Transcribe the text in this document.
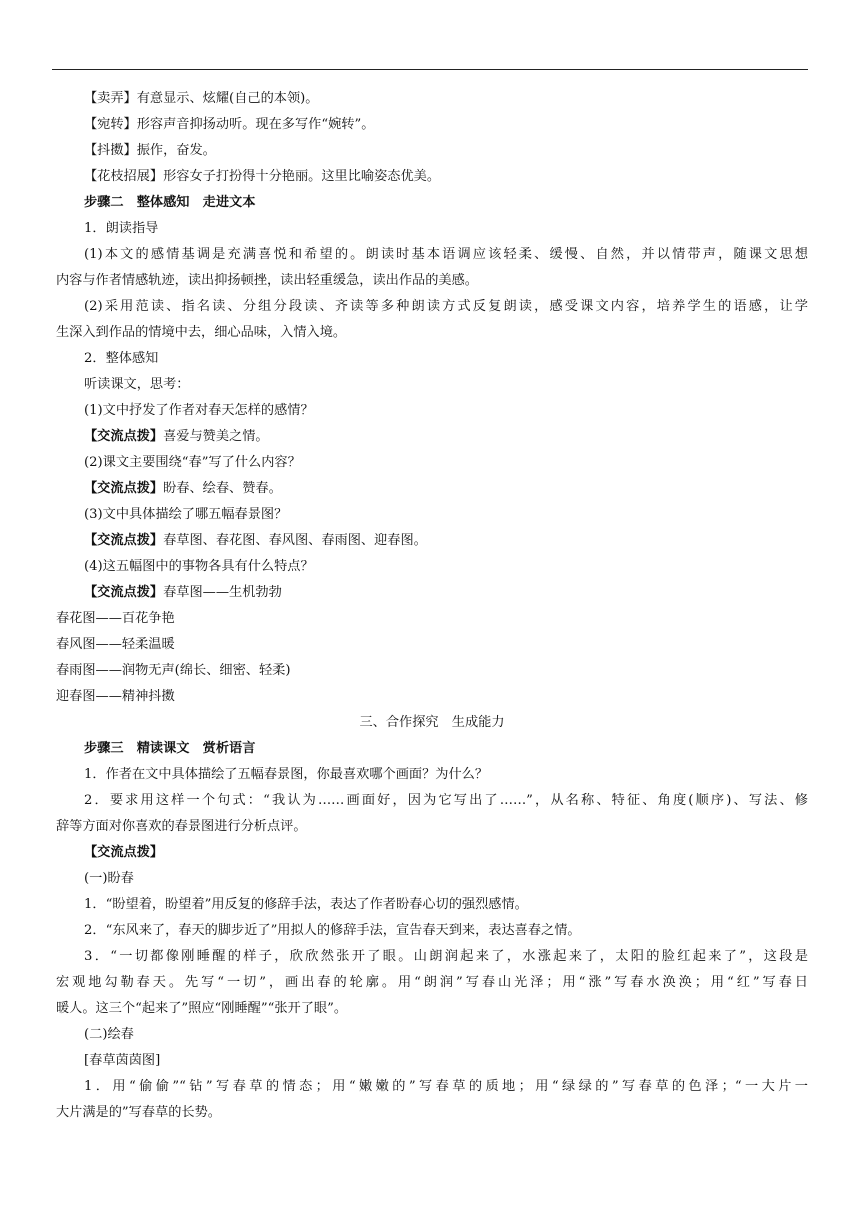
【卖弄】有意显示、炫耀(自己的本领)。
【宛转】形容声音抑扬动听。现在多写作“婉转”。
【抖擞】振作，奋发。
【花枝招展】形容女子打扮得十分艳丽。这里比喻姿态优美。
步骤二　整体感知　走进文本
1．朗读指导
(1)本文的感情基调是充满喜悦和希望的。朗读时基本语调应该轻柔、缓慢、自然，并以情带声，随课文思想
内容与作者情感轨迹，读出抑扬顿挫，读出轻重缓急，读出作品的美感。
(2)采用范读、指名读、分组分段读、齐读等多种朗读方式反复朗读，感受课文内容，培养学生的语感，让学
生深入到作品的情境中去，细心品味，入情入境。
2．整体感知
听读课文，思考：
(1)文中抒发了作者对春天怎样的感情？
【交流点拨】喜爱与赞美之情。
(2)课文主要围绕“春”写了什么内容？
【交流点拨】盼春、绘春、赞春。
(3)文中具体描绘了哪五幅春景图？
【交流点拨】春草图、春花图、春风图、春雨图、迎春图。
(4)这五幅图中的事物各具有什么特点？
【交流点拨】春草图——生机勃勃
春花图——百花争艳
春风图——轻柔温暖
春雨图——润物无声(绵长、细密、轻柔)
迎春图——精神抖擞
三、合作探究　生成能力
步骤三　精读课文　赏析语言
1．作者在文中具体描绘了五幅春景图，你最喜欢哪个画面？为什么？
2．要求用这样一个句式：“我认为……画面好，因为它写出了……”，从名称、特征、角度(顺序)、写法、修
辞等方面对你喜欢的春景图进行分析点评。
【交流点拨】
(一)盼春
1．“盼望着，盼望着”用反复的修辞手法，表达了作者盼春心切的强烈感情。
2．“东风来了，春天的脚步近了”用拟人的修辞手法，宣告春天到来，表达喜春之情。
3．“一切都像刚睡醒的样子，欣欣然张开了眼。山朗润起来了，水涨起来了，太阳的脸红起来了”，这段是
宏观地勾勒春天。先写“一切”，画出春的轮廓。用“朗润”写春山光泽；用“涨”写春水涣涣；用“红”写春日
暖人。这三个“起来了”照应“刚睡醒”“张开了眼”。
(二)绘春
[春草茵茵图]
1．用“偷偷”“钻”写春草的情态；用“嫩嫩的”写春草的质地；用“绿绿的”写春草的色泽；“一大片一
大片满是的”写春草的长势。
